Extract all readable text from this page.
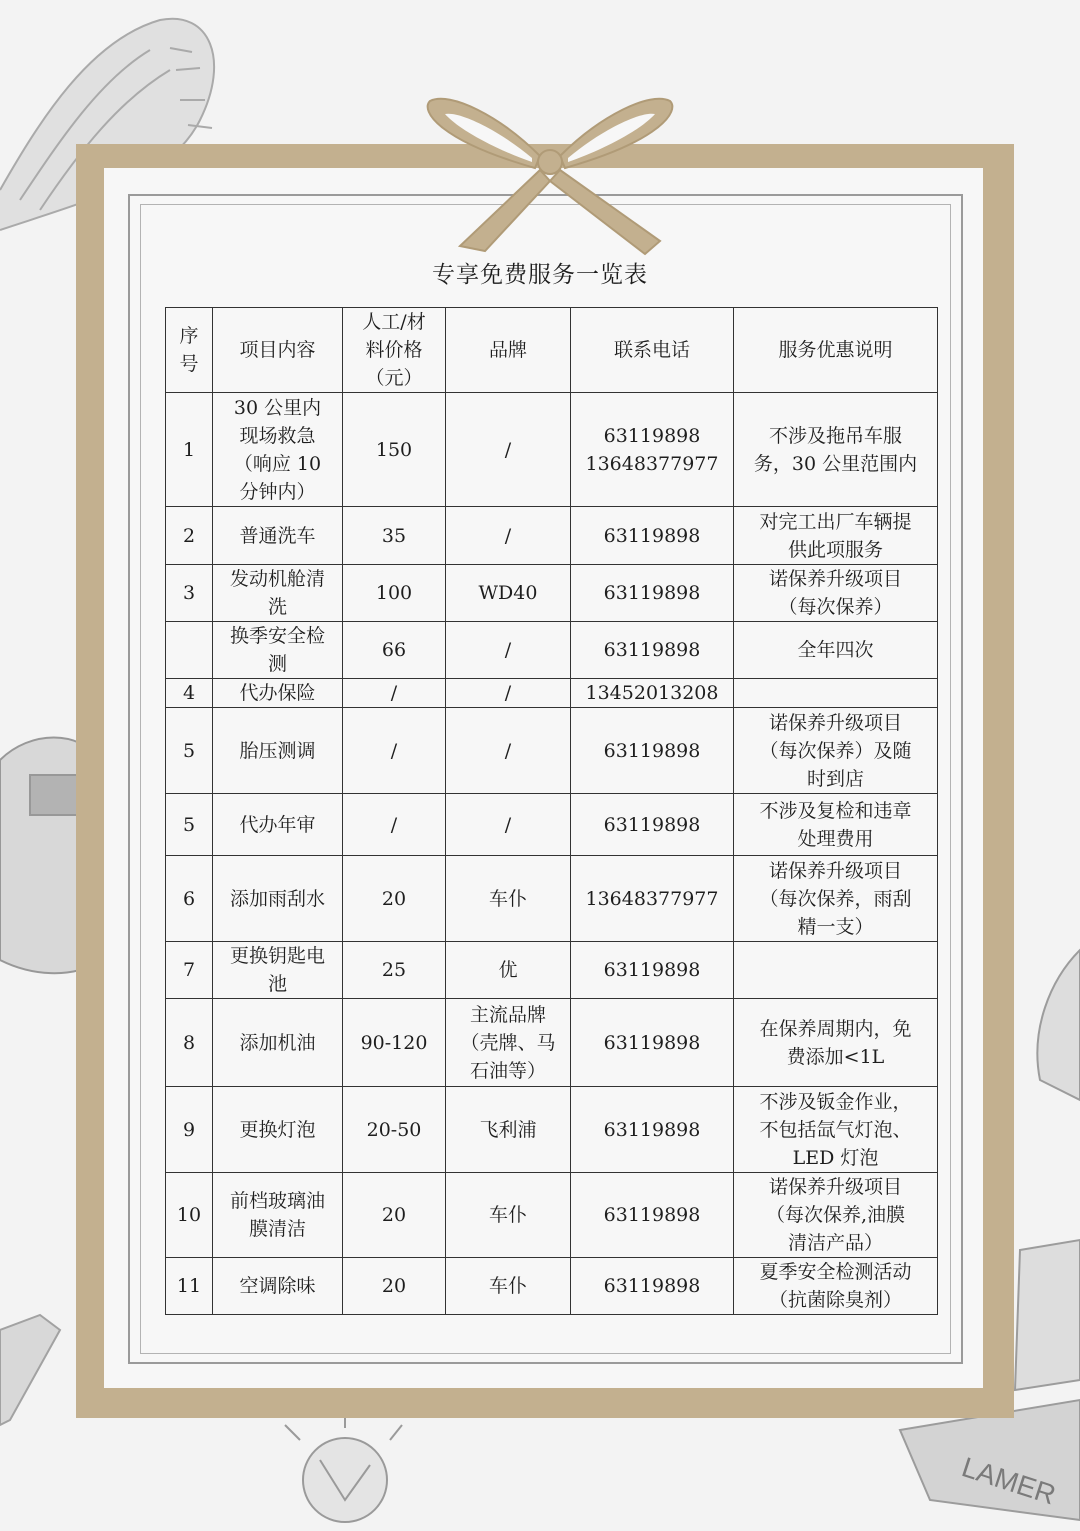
LAMER
专享免费服务一览表
序
号	项目内容	人工/材
料价格
（元）	品牌	联系电话	服务优惠说明
1	30 公里内
现场救急
（响应 10
分钟内）	150	/	63119898
13648377977	不涉及拖吊车服
务，30 公里范围内
2	普通洗车	35	/	63119898	对完工出厂车辆提
供此项服务
3	发动机舱清
洗	100	WD40	63119898	诺保养升级项目
（每次保养）
	换季安全检
测	66	/	63119898	全年四次
4	代办保险	/	/	13452013208	
5	胎压测调	/	/	63119898	诺保养升级项目
（每次保养）及随
时到店
5	代办年审	/	/	63119898	不涉及复检和违章
处理费用
6	添加雨刮水	20	车仆	13648377977	诺保养升级项目
（每次保养，雨刮
精一支）
7	更换钥匙电
池	25	优	63119898	
8	添加机油	90-120	主流品牌
（壳牌、马
石油等）	63119898	在保养周期内，免
费添加<1L
9	更换灯泡	20-50	飞利浦	63119898	不涉及钣金作业，
不包括氙气灯泡、
LED 灯泡
10	前档玻璃油
膜清洁	20	车仆	63119898	诺保养升级项目
（每次保养,油膜
清洁产品）
11	空调除味	20	车仆	63119898	夏季安全检测活动
（抗菌除臭剂）
